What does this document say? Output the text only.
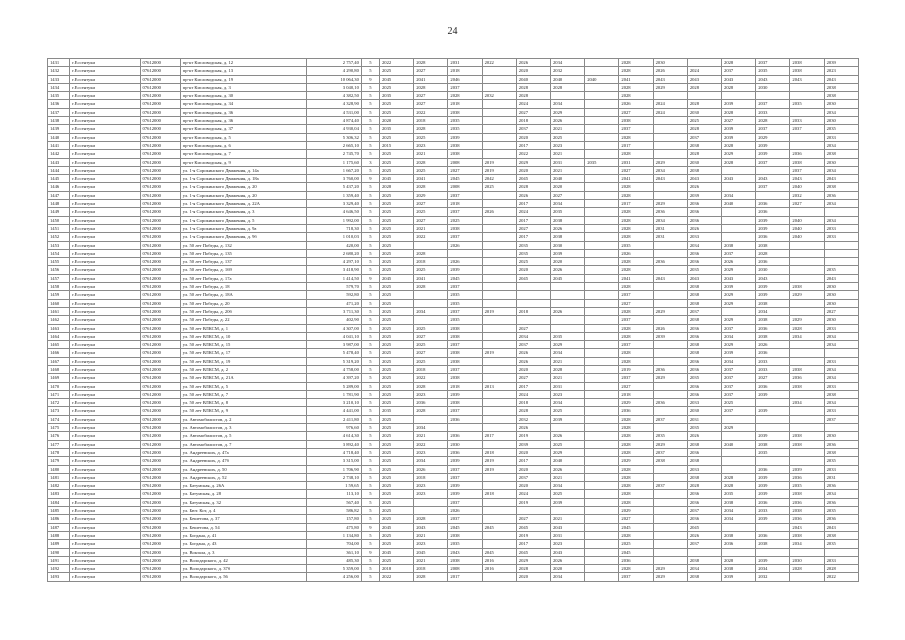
24
1431	г.Ессентуки	07612000	пр-кт Кисловодская, д. 12	2 757,40	5	2022	2028	2031	2022	2026	2034		2028	2030		2028	2037	2038	2039
1432	г.Ессентуки	07612000	пр-кт Кисловодская, д. 13	4 290,80	5	2025	2027	2018		2020	2032		2028	2026	2024	2037	2035	2038	2023
1433	г.Ессентуки	07612000	пр-кт Кисловодская, д. 19	10 064,30	9	2045	2041	2046		2040	2040	2040	2041	2043	2043	2043	2043	2043	2043
1434	г.Ессентуки	07612000	пр-кт Кисловодская, д. 3	3 040,10	5	2025	2028	2037		2028	2028		2028	2029	2028	2028	2030		2038
1435	г.Ессентуки	07612000	пр-кт Кисловодская, д. 30	4 382,50	5	2035	2027	2028	2032	2028			2028						2038
1436	г.Ессентуки	07612000	пр-кт Кисловодская, д. 34	4 328,90	5	2025	2027	2018		2024	2034		2026	2024	2028	2039	2037	2035	2030
1437	г.Ессентуки	07612000	пр-кт Кисловодская, д. 36	4 531,00	5	2025	2022	2038		2027	2029		2027	2024	2030	2028	2033		2034
1438	г.Ессентуки	07612000	пр-кт Кисловодская, д. 36	4 874,40	5	2020	2018	2035		2018	2026		2038		2025	2027	2028	2033	2030
1439	г.Ессентуки	07612000	пр-кт Кисловодская, д. 37	4 930,04	5	2035	2028	2035		2037	2021		2037		2028	2039	2037	2037	2035
1440	г.Ессентуки	07612000	пр-кт Кисловодская, д. 5	5 306,32	5	2025	2025	2039		2020	2025		2028		2037	2039	2029		2033
1441	г.Ессентуки	07612000	пр-кт Кисловодская, д. 6	2 665,10	5	2015	2023	2038		2017	2023		2017		2038	2028	2039		2034
1442	г.Ессентуки	07612000	пр-кт Кисловодская, д. 7	2 745,70	5	2025	2021	2038		2022	2021		2028		2028	2029	2039	2036	2038
1443	г.Ессентуки	07612000	пр-кт Кисловодская, д. 9	1 175,60	3	2025	2028	2008	2019	2029	2031	2035	2031	2029	2030	2028	2037	2038	2030
1444	г.Ессентуки	07612000	ул. 1-я Сорокинского Движения, д. 14а	1 667,20	5	2025	2025	2027	2019	2020	2021		2027	2034	2038			2037	2034
1445	г.Ессентуки	07612000	ул. 1-я Сорокинского Движения, д. 18а	3 760,00	9	2045	2041	2045	2042	2045	2040		2041	2043	2043	2043	2043	2043	2043
1446	г.Ессентуки	07612000	ул. 1-я Сорокинского Движения, д. 20	5 437,20	5	2028	2028	2008	2025	2028	2020		2028		2026		2037	2040	2038
1447	г.Ессентуки	07612000	ул. 1-я Сорокинского Движения, д. 20	1 359,40	5	2025	2029	2037		2026	2027		2028		2039	2034		2032	2036
1448	г.Ессентуки	07612000	ул. 1-я Сорокинского Движения, д. 22А	3 329,40	5	2025	2027	2018		2017	2034		2017	2029	2036	2040	2036	2027	2034
1449	г.Ессентуки	07612000	ул. 1-я Сорокинского Движения, д. 3	4 646,50	5	2025	2025	2037	2026	2024	2035		2028	2036	2036		2036		
1450	г.Ессентуки	07612000	ул. 1-я Сорокинского Движения, д. 5	1 992,00	5	2025	2027	2025		2017	2038		2028	2034	2036		2039	2040	2034
1451	г.Ессентуки	07612000	ул. 1-я Сорокинского Движения, д. 9а	718,30	5	2025	2021	2038		2027	2026		2028	2031	2026		2039	2040	2033
1452	г.Ессентуки	07612000	ул. 1-я Сорокинского Движения, д. 9б	1 010,03	5	2025	2022	2037		2017	2038		2028	2031	2033		2036	2040	2033
1453	г.Ессентуки	07612000	ул. 50 лет Победы, д. 132	420,00	5	2025		2026		2035	2030		2035		2034	2038	2038		
1454	г.Ессентуки	07612000	ул. 50 лет Победы, д. 135	2 680,20	5	2025	2028			2035	2039		2026		2036	2037	2028		
1455	г.Ессентуки	07612000	ул. 50 лет Победы, д. 137	4 297,10	5	2025	2018	2026		2025	2020		2028	2036	2036	2026	2036		
1456	г.Ессентуки	07612000	ул. 50 лет Победы, д. 169	3 418,90	5	2025	2025	2039		2020	2026		2028		2035	2029	2030		2035
1457	г.Ессентуки	07612000	ул. 50 лет Победы, д. 17а	1 414,50	9	2045	2041	2045		2045	2045		2041	2043	2043	2043	2043		2043
1458	г.Ессентуки	07612000	ул. 50 лет Победы, д. 18	579,70	5	2025	2028	2037					2028		2038	2039	2039	2038	2030
1459	г.Ессентуки	07612000	ул. 50 лет Победы, д. 18А	592,80	5	2025		2035					2037		2038	2029	2039	2029	2030
1460	г.Ессентуки	07612000	ул. 50 лет Победы, д. 20	471,20	5	2025		2035					2027		2038	2029	2038		2030
1461	г.Ессентуки	07612000	ул. 50 лет Победы, д. 20б	3 711,30	5	2025	2034	2037	2019	2018	2026		2028	2029	2037		2034		2027
1462	г.Ессентуки	07612000	ул. 50 лет Победы, д. 22	402,90	5	2025		2035					2037		2038	2029	2038	2029	2030
1463	г.Ессентуки	07612000	ул. 50 лет ВЛКСМ, д. 1	4 307,00	5	2025	2025	2038		2027			2028	2026	2036	2037	2036	2028	2033
1464	г.Ессентуки	07612000	ул. 50 лет ВЛКСМ, д. 10	4 041,10	5	2025	2027	2038		2034	2035		2028	2039	2036	2034	2038	2034	2034
1465	г.Ессентуки	07612000	ул. 50 лет ВЛКСМ, д. 15	3 987,00	5	2025	2025	2037		2037	2029		2037		2038	2029	2026		2034
1466	г.Ессентуки	07612000	ул. 50 лет ВЛКСМ, д. 17	5 478,40	5	2025	2027	2038	2019	2026	2034		2028		2038	2039	2036		
1467	г.Ессентуки	07612000	ул. 50 лет ВЛКСМ, д. 19	5 319,20	5	2025	2025	2038		2026	2021		2028		2036	2034	2033		2033
1468	г.Ессентуки	07612000	ул. 50 лет ВЛКСМ, д. 2	4 758,00	5	2025	2018	2037		2020	2028		2019	2036	2036	2037	2033	2038	2034
1469	г.Ессентуки	07612000	ул. 50 лет ВЛКСМ, д. 21А	4 397,20	5	2025	2022	2038		2027	2021		2037	2029	2035	2037	2027	2036	2034
1470	г.Ессентуки	07612000	ул. 50 лет ВЛКСМ, д. 5	5 289,00	5	2025	2028	2018	2013	2017	2031		2027		2036	2037	2036	2038	2033
1471	г.Ессентуки	07612000	ул. 50 лет ВЛКСМ, д. 7	1 781,90	5	2025	2023	2039		2024	2023		2018		2036	2037	2039		2038
1472	г.Ессентуки	07612000	ул. 50 лет ВЛКСМ, д. 8	3 210,10	5	2025	2036	2038		2018	2034		2029	2036	2033	2025		2034	2034
1473	г.Ессентуки	07612000	ул. 50 лет ВЛКСМ, д. 9	4 441,00	5	2035	2028	2037		2028	2025		2036		2030	2037	2039		2033
1474	г.Ессентуки	07612000	ул. Автомобилистов, д. 2	2 411,80	5	2025		2036		2032	2039		2028	2037	2031				2037
1475	г.Ессентуки	07612000	ул. Автомобилистов, д. 3	976,60	5	2025	2034			2026			2028		2035	2029			
1476	г.Ессентуки	07612000	ул. Автомобилистов, д. 5	4 614,30	5	2025	2021	2036	2017	2019	2026		2028	2035	2026		2039	2038	2030
1477	г.Ессентуки	07612000	ул. Автомобилистов, д. 7	3 892,40	5	2025	2022	2030		2039	2025		2028	2029	2038	2040	2038	2038	2036
1478	г.Ессентуки	07612000	ул. Андреевских, д. 47а	4 718,40	5	2025	2023	2036	2018	2020	2029		2028	2037	2036		2035		2038
1479	г.Ессентуки	07612000	ул. Андреевских, д. 47б	3 315,00	5	2025	2034	2039	2019	2017	2040		2029	2038	2038				2035
1480	г.Ессентуки	07612000	ул. Андреевских, д. 50	1 706,90	5	2025	2026	2037	2019	2020	2026		2028		2033		2036	2039	2033
1481	г.Ессентуки	07612000	ул. Андреевских, д. 52	2 738,10	5	2025	2018	2037		2037	2021		2028		2038	2028	2039	2036	2031
1482	г.Ессентуки	07612000	ул. Батумская, д. 26А	1 59,65	5	2025	2023	2039		2020	2034		2028	2037	2028	2028	2039	2035	2036
1483	г.Ессентуки	07612000	ул. Батумская, д. 28	113,10	5	2025	2023	2039	2018	2024	2025		2028		2036	2035	2039	2038	2034
1484	г.Ессентуки	07612000	ул. Батумская, д. 32	567,40	5	2025		2037		2019	2039		2028		2036	2038	2036	2036	2036
1485	г.Ессентуки	07612000	ул. Бют. Кот, д. 4	586,82	5	2025		2026					2029		2037	2034	2033	2038	2035
1486	г.Ессентуки	07612000	ул. Бешетова, д. 37	157,80	5	2025	2028	2037		2027	2021		2027		2036	2034	2039	2036	2036
1487	г.Ессентуки	07612000	ул. Бешетова, д. 54	475,80	9	2045	2043	2045	2045	2045	2043		2045		2045			2043	2043
1488	г.Ессентуки	07612000	ул. Богдана, д. 41	1 134,80	5	2025	2021	2038		2019	2031		2028		2026	2038	2036	2038	2038
1489	г.Ессентуки	07612000	ул. Богдана, д. 43	704,00	5	2025	2023	2035		2017	2023		2025		2037	2036	2038	2034	2035
1490	г.Ессентуки	07612000	ул. Вокзала, д. 3	361,10	9	2045	2045	2043	2045	2045	2043		2045						
1491	г.Ессентуки	07612000	ул. Володарского, д. 42	485,30	5	2025	2021	2038	2016	2029	2026		2036		2038	2028	2039	2030	2033
1492	г.Ессентуки	07612000	ул. Володарского, д. 37б	5 359,00	5	2018	2018	2008	2016	2028	2020		2028	2029	2034	2038	2034	2028	2028
1493	г.Ессентуки	07612000	ул. Володарского, д. 56	4 256,00	5	2022	2028	2017		2020	2034		2037	2029	2038	2039	2032		2022
